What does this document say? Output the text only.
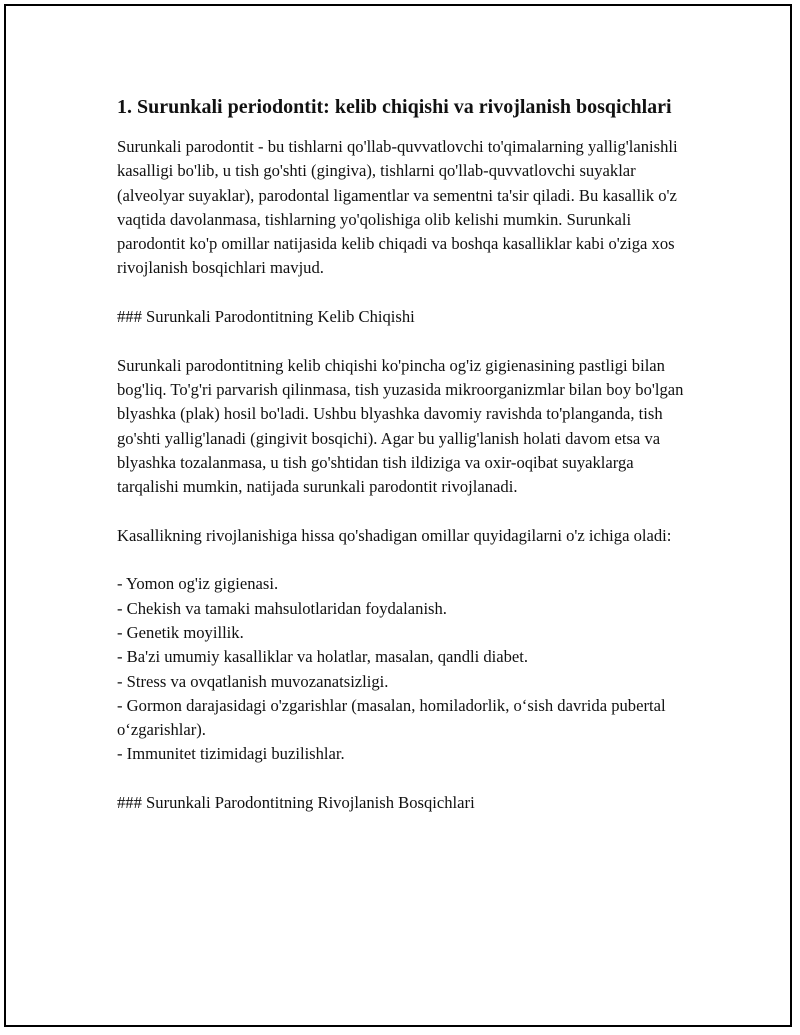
1. Surunkali periodontit: kelib chiqishi va rivojlanish bosqichlari

Surunkali parodontit - bu tishlarni qo'llab-quvvatlovchi to'qimalarning yallig'lanishli kasalligi bo'lib, u tish go'shti (gingiva), tishlarni qo'llab-quvvatlovchi suyaklar (alveolyar suyaklar), parodontal ligamentlar va sementni ta'sir qiladi. Bu kasallik o'z vaqtida davolanmasa, tishlarning yo'qolishiga olib kelishi mumkin. Surunkali parodontit ko'p omillar natijasida kelib chiqadi va boshqa kasalliklar kabi o'ziga xos rivojlanish bosqichlari mavjud.

### Surunkali Parodontitning Kelib Chiqishi

Surunkali parodontitning kelib chiqishi ko'pincha og'iz gigienasining pastligi bilan bog'liq. To'g'ri parvarish qilinmasa, tish yuzasida mikroorganizmlar bilan boy bo'lgan blyashka (plak) hosil bo'ladi. Ushbu blyashka davomiy ravishda to'planganda, tish go'shti yallig'lanadi (gingivit bosqichi). Agar bu yallig'lanish holati davom etsa va blyashka tozalanmasa, u tish go'shtidan tish ildiziga va oxir-oqibat suyaklarga tarqalishi mumkin, natijada surunkali parodontit rivojlanadi.

Kasallikning rivojlanishiga hissa qo'shadigan omillar quyidagilarni o'z ichiga oladi:

- Yomon og'iz gigienasi.
- Chekish va tamaki mahsulotlaridan foydalanish.
- Genetik moyillik.
- Ba'zi umumiy kasalliklar va holatlar, masalan, qandli diabet.
- Stress va ovqatlanish muvozanatsizligi.
- Gormon darajasidagi o'zgarishlar (masalan, homiladorlik, o‘sish davrida pubertal o‘zgarishlar).
- Immunitet tizimidagi buzilishlar.

### Surunkali Parodontitning Rivojlanish Bosqichlari
